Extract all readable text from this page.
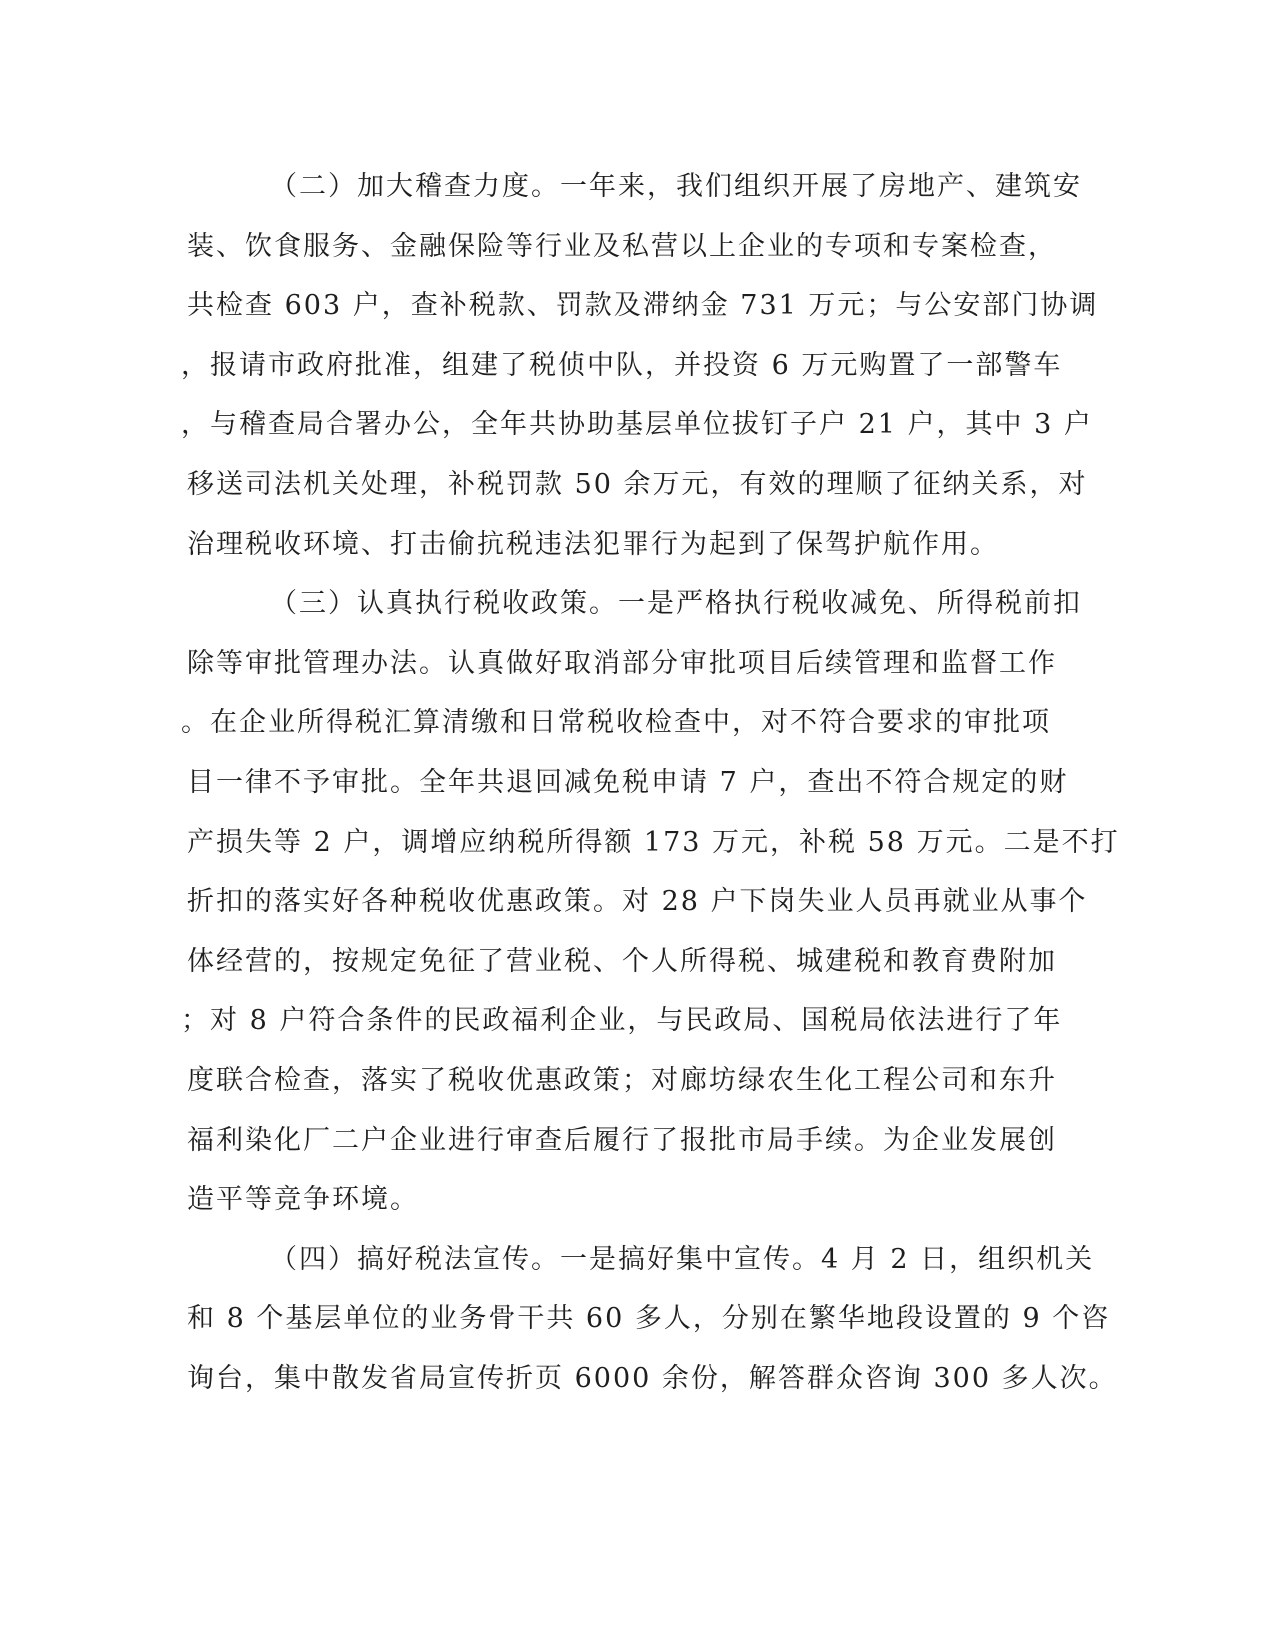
（二）加大稽查力度。一年来，我们组织开展了房地产、建筑安
装、饮食服务、金融保险等行业及私营以上企业的专项和专案检查，
共检查 603 户，查补税款、罚款及滞纳金 731 万元；与公安部门协调
，报请市政府批准，组建了税侦中队，并投资 6 万元购置了一部警车
，与稽查局合署办公，全年共协助基层单位拔钉子户 21 户，其中 3 户
移送司法机关处理，补税罚款 50 余万元，有效的理顺了征纳关系，对
治理税收环境、打击偷抗税违法犯罪行为起到了保驾护航作用。
（三）认真执行税收政策。一是严格执行税收减免、所得税前扣
除等审批管理办法。认真做好取消部分审批项目后续管理和监督工作
。在企业所得税汇算清缴和日常税收检查中，对不符合要求的审批项
目一律不予审批。全年共退回减免税申请 7 户，查出不符合规定的财
产损失等 2 户，调增应纳税所得额 173 万元，补税 58 万元。二是不打
折扣的落实好各种税收优惠政策。对 28 户下岗失业人员再就业从事个
体经营的，按规定免征了营业税、个人所得税、城建税和教育费附加
；对 8 户符合条件的民政福利企业，与民政局、国税局依法进行了年
度联合检查，落实了税收优惠政策；对廊坊绿农生化工程公司和东升
福利染化厂二户企业进行审查后履行了报批市局手续。为企业发展创
造平等竞争环境。
（四）搞好税法宣传。一是搞好集中宣传。4 月 2 日，组织机关
和 8 个基层单位的业务骨干共 60 多人，分别在繁华地段设置的 9 个咨
询台，集中散发省局宣传折页 6000 余份，解答群众咨询 300 多人次。
